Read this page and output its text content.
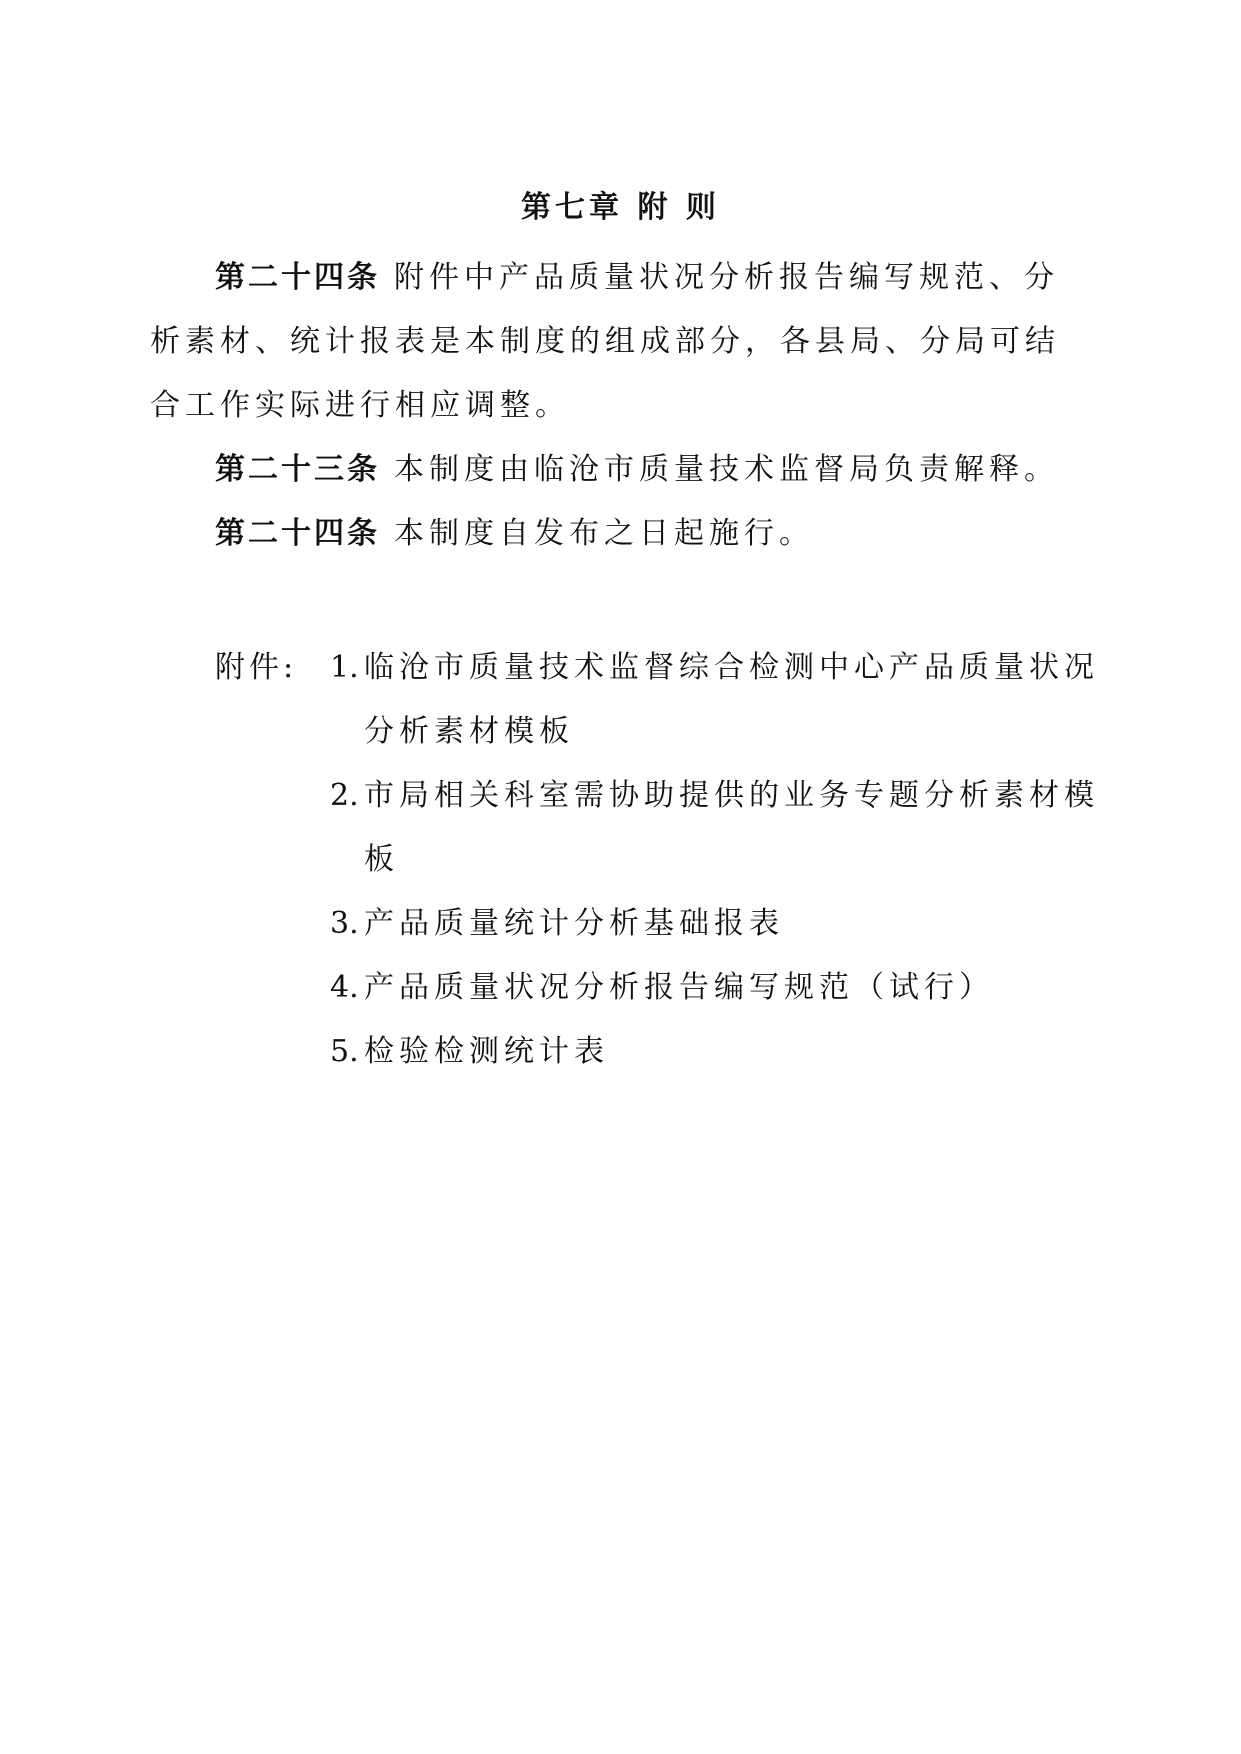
第七章 附 则
第二十四条 附件中产品质量状况分析报告编写规范、分析素材、统计报表是本制度的组成部分，各县局、分局可结合工作实际进行相应调整。
第二十三条 本制度由临沧市质量技术监督局负责解释。
第二十四条 本制度自发布之日起施行。
附件: 1. 临沧市质量技术监督综合检测中心产品质量状况分析素材模板
2. 市局相关科室需协助提供的业务专题分析素材模板
3. 产品质量统计分析基础报表
4. 产品质量状况分析报告编写规范（试行）
5. 检验检测统计表
